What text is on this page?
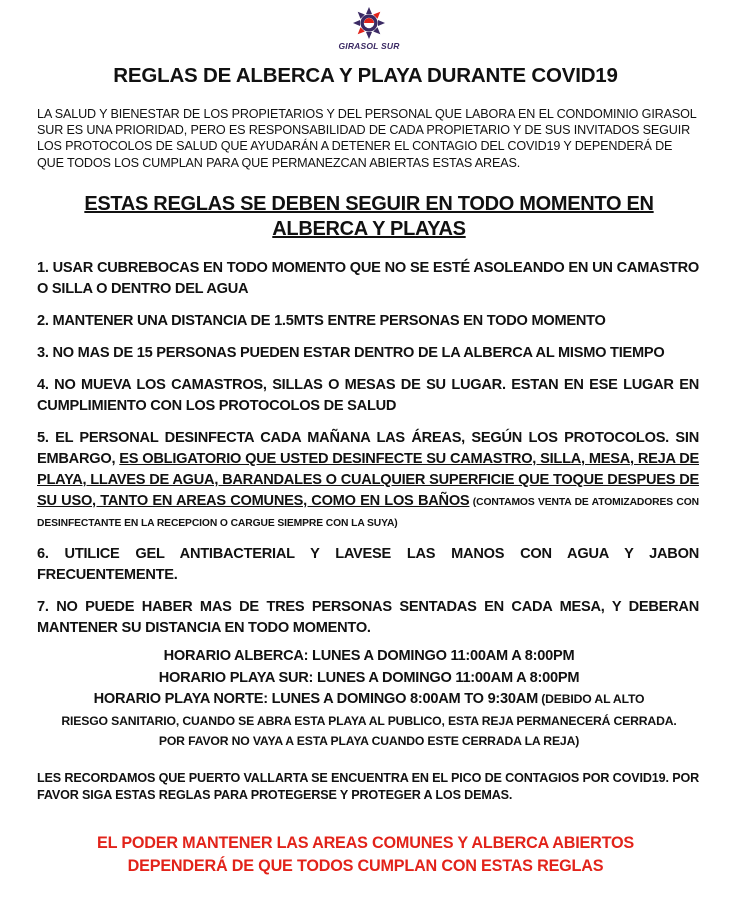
GIRASOL SUR
REGLAS DE ALBERCA Y PLAYA DURANTE COVID19
LA SALUD Y BIENESTAR DE LOS PROPIETARIOS Y DEL PERSONAL QUE LABORA EN EL CONDOMINIO GIRASOL SUR ES UNA PRIORIDAD, PERO ES RESPONSABILIDAD DE CADA PROPIETARIO Y DE SUS INVITADOS SEGUIR LOS PROTOCOLOS DE SALUD QUE AYUDARÁN A DETENER EL CONTAGIO DEL COVID19 Y DEPENDERÁ DE QUE TODOS LOS CUMPLAN PARA QUE PERMANEZCAN ABIERTAS ESTAS AREAS.
ESTAS REGLAS SE DEBEN SEGUIR EN TODO MOMENTO EN ALBERCA Y PLAYAS
1. USAR CUBREBOCAS EN TODO MOMENTO QUE NO SE ESTÉ ASOLEANDO EN UN CAMASTRO O SILLA O DENTRO DEL AGUA
2. MANTENER UNA DISTANCIA DE 1.5MTS ENTRE PERSONAS EN TODO MOMENTO
3. NO MAS DE 15 PERSONAS PUEDEN ESTAR DENTRO DE LA ALBERCA AL MISMO TIEMPO
4. NO MUEVA LOS CAMASTROS, SILLAS O MESAS DE SU LUGAR. ESTAN EN ESE LUGAR EN CUMPLIMIENTO CON LOS PROTOCOLOS DE SALUD
5. EL PERSONAL DESINFECTA CADA MAÑANA LAS ÁREAS, SEGÚN LOS PROTOCOLOS. SIN EMBARGO, ES OBLIGATORIO QUE USTED DESINFECTE SU CAMASTRO, SILLA, MESA, REJA DE PLAYA, LLAVES DE AGUA, BARANDALES O CUALQUIER SUPERFICIE QUE TOQUE DESPUES DE SU USO, TANTO EN AREAS COMUNES, COMO EN LOS BAÑOS (CONTAMOS VENTA DE ATOMIZADORES CON DESINFECTANTE EN LA RECEPCION O CARGUE SIEMPRE CON LA SUYA)
6. UTILICE GEL ANTIBACTERIAL Y LAVESE LAS MANOS CON AGUA Y JABON FRECUENTEMENTE.
7. NO PUEDE HABER MAS DE TRES PERSONAS SENTADAS EN CADA MESA, Y DEBERAN MANTENER SU DISTANCIA EN TODO MOMENTO.
HORARIO ALBERCA: LUNES A DOMINGO 11:00AM A 8:00PM
HORARIO PLAYA SUR: LUNES A DOMINGO 11:00AM A 8:00PM
HORARIO PLAYA NORTE: LUNES A DOMINGO 8:00AM TO 9:30AM (DEBIDO AL ALTO
RIESGO SANITARIO, CUANDO SE ABRA ESTA PLAYA AL PUBLICO, ESTA REJA PERMANECERÁ CERRADA.
POR FAVOR NO VAYA A ESTA PLAYA CUANDO ESTE CERRADA LA REJA)
LES RECORDAMOS QUE PUERTO VALLARTA SE ENCUENTRA EN EL PICO DE CONTAGIOS POR COVID19. POR FAVOR SIGA ESTAS REGLAS PARA PROTEGERSE Y PROTEGER A LOS DEMAS.
EL PODER MANTENER LAS AREAS COMUNES Y ALBERCA ABIERTOS
DEPENDERÁ DE QUE TODOS CUMPLAN CON ESTAS REGLAS
